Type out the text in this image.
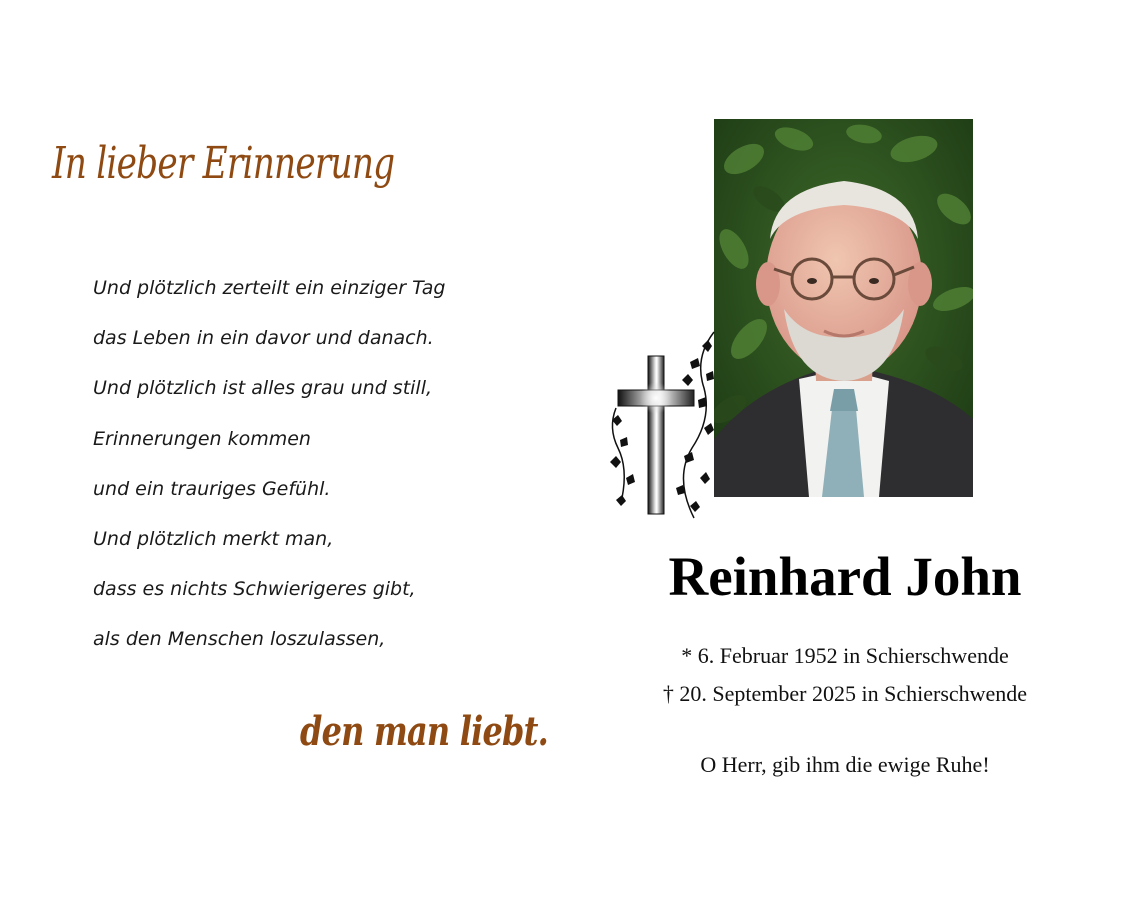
In lieber Erinnerung
Und plötzlich zerteilt ein einziger Tag
das Leben in ein davor und danach.
Und plötzlich ist alles grau und still,
Erinnerungen kommen
und ein trauriges Gefühl.
Und plötzlich merkt man,
dass es nichts Schwierigeres gibt,
als den Menschen loszulassen,
den man liebt.
Reinhard John
* 6. Februar 1952 in Schierschwende
† 20. September 2025 in Schierschwende
O Herr, gib ihm die ewige Ruhe!
